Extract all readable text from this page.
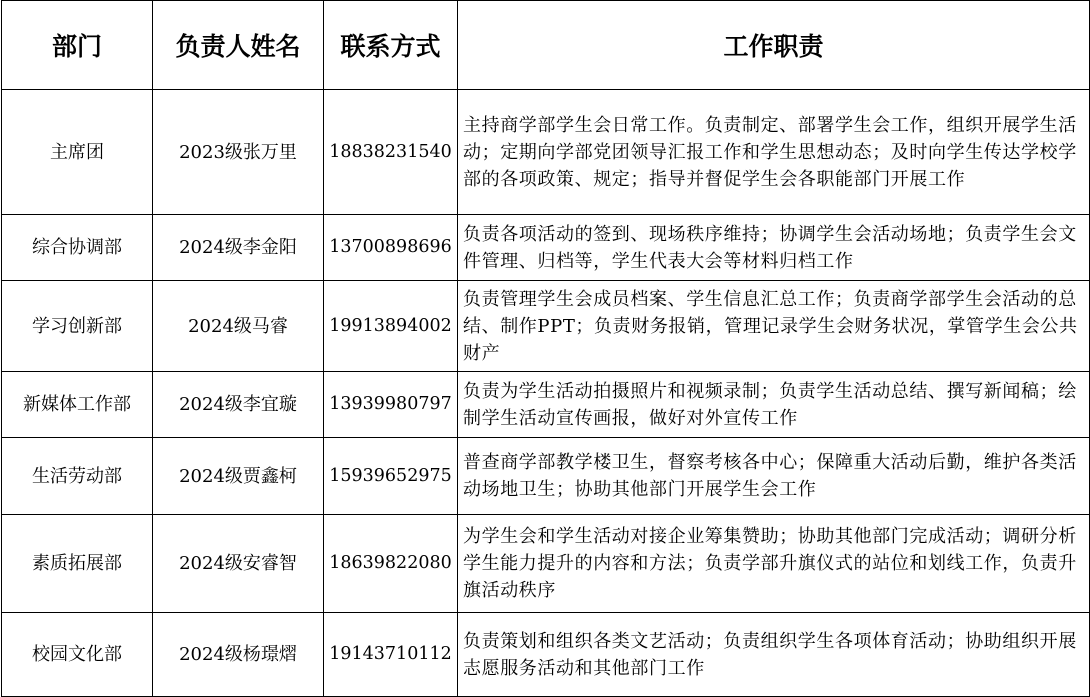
部门	负责人姓名	联系方式	工作职责
主席团	2023级张万里	18838231540	主持商学部学生会日常工作。负责制定、部署学生会工作，组织开展学生活动；定期向学部党团领导汇报工作和学生思想动态；及时向学生传达学校学部的各项政策、规定；指导并督促学生会各职能部门开展工作
综合协调部	2024级李金阳	13700898696	负责各项活动的签到、现场秩序维持；协调学生会活动场地；负责学生会文件管理、归档等，学生代表大会等材料归档工作
学习创新部	2024级马睿	19913894002	负责管理学生会成员档案、学生信息汇总工作；负责商学部学生会活动的总结、制作PPT；负责财务报销，管理记录学生会财务状况，掌管学生会公共财产
新媒体工作部	2024级李宜璇	13939980797	负责为学生活动拍摄照片和视频录制；负责学生活动总结、撰写新闻稿；绘制学生活动宣传画报，做好对外宣传工作
生活劳动部	2024级贾鑫柯	15939652975	普查商学部教学楼卫生，督察考核各中心；保障重大活动后勤，维护各类活动场地卫生；协助其他部门开展学生会工作
素质拓展部	2024级安睿智	18639822080	为学生会和学生活动对接企业筹集赞助；协助其他部门完成活动；调研分析学生能力提升的内容和方法；负责学部升旗仪式的站位和划线工作，负责升旗活动秩序
校园文化部	2024级杨璟熠	19143710112	负责策划和组织各类文艺活动；负责组织学生各项体育活动；协助组织开展志愿服务活动和其他部门工作
